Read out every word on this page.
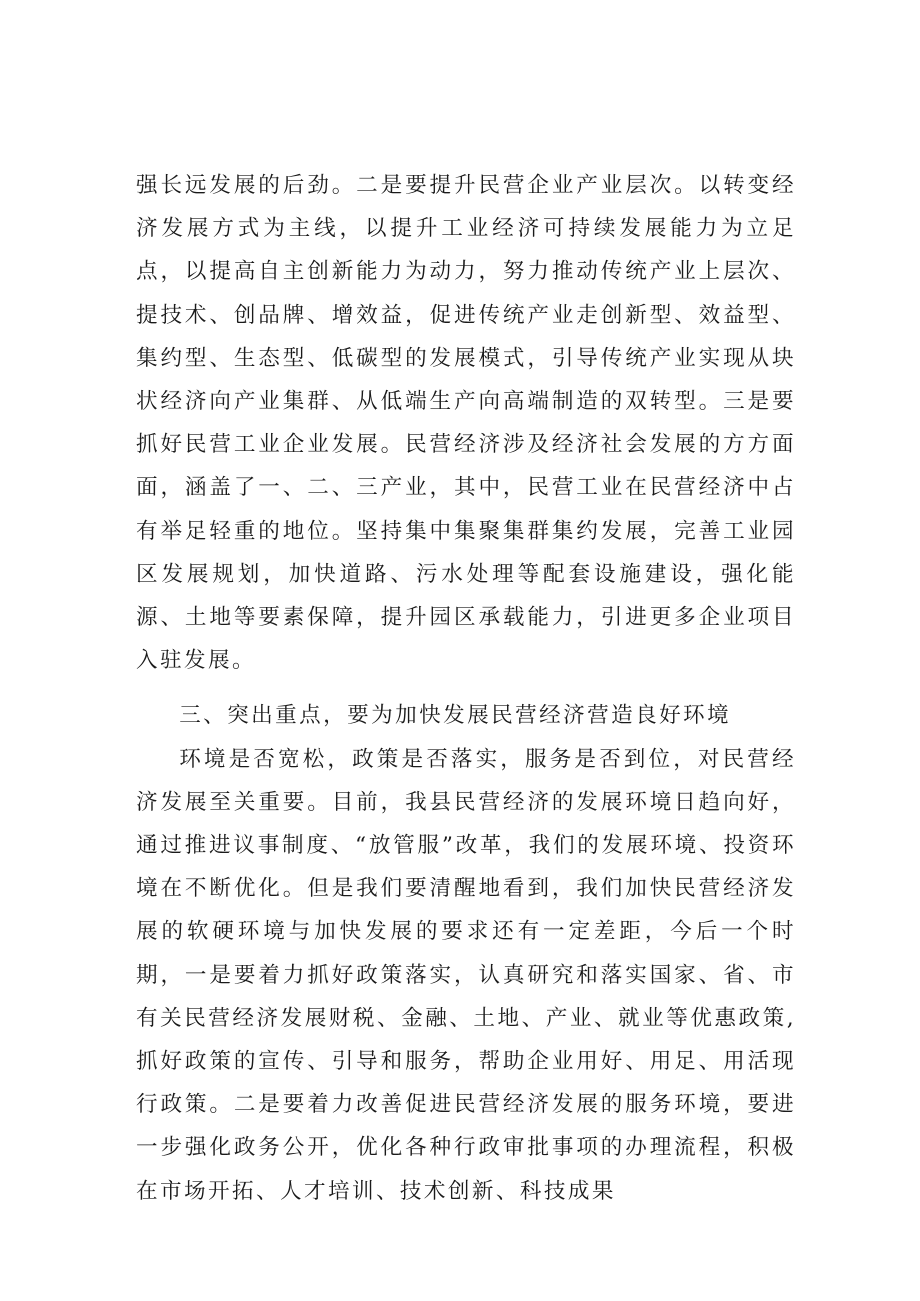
强长远发展的后劲。二是要提升民营企业产业层次。以转变经济发展方式为主线，以提升工业经济可持续发展能力为立足点，以提高自主创新能力为动力，努力推动传统产业上层次、提技术、创品牌、增效益，促进传统产业走创新型、效益型、集约型、生态型、低碳型的发展模式，引导传统产业实现从块状经济向产业集群、从低端生产向高端制造的双转型。三是要抓好民营工业企业发展。民营经济涉及经济社会发展的方方面面，涵盖了一、二、三产业，其中，民营工业在民营经济中占有举足轻重的地位。坚持集中集聚集群集约发展，完善工业园区发展规划，加快道路、污水处理等配套设施建设，强化能源、土地等要素保障，提升园区承载能力，引进更多企业项目入驻发展。

三、突出重点，要为加快发展民营经济营造良好环境

环境是否宽松，政策是否落实，服务是否到位，对民营经济发展至关重要。目前，我县民营经济的发展环境日趋向好，通过推进议事制度、“放管服”改革，我们的发展环境、投资环境在不断优化。但是我们要清醒地看到，我们加快民营经济发展的软硬环境与加快发展的要求还有一定差距，今后一个时期，一是要着力抓好政策落实，认真研究和落实国家、省、市有关民营经济发展财税、金融、土地、产业、就业等优惠政策,抓好政策的宣传、引导和服务，帮助企业用好、用足、用活现行政策。二是要着力改善促进民营经济发展的服务环境，要进一步强化政务公开，优化各种行政审批事项的办理流程，积极在市场开拓、人才培训、技术创新、科技成果
